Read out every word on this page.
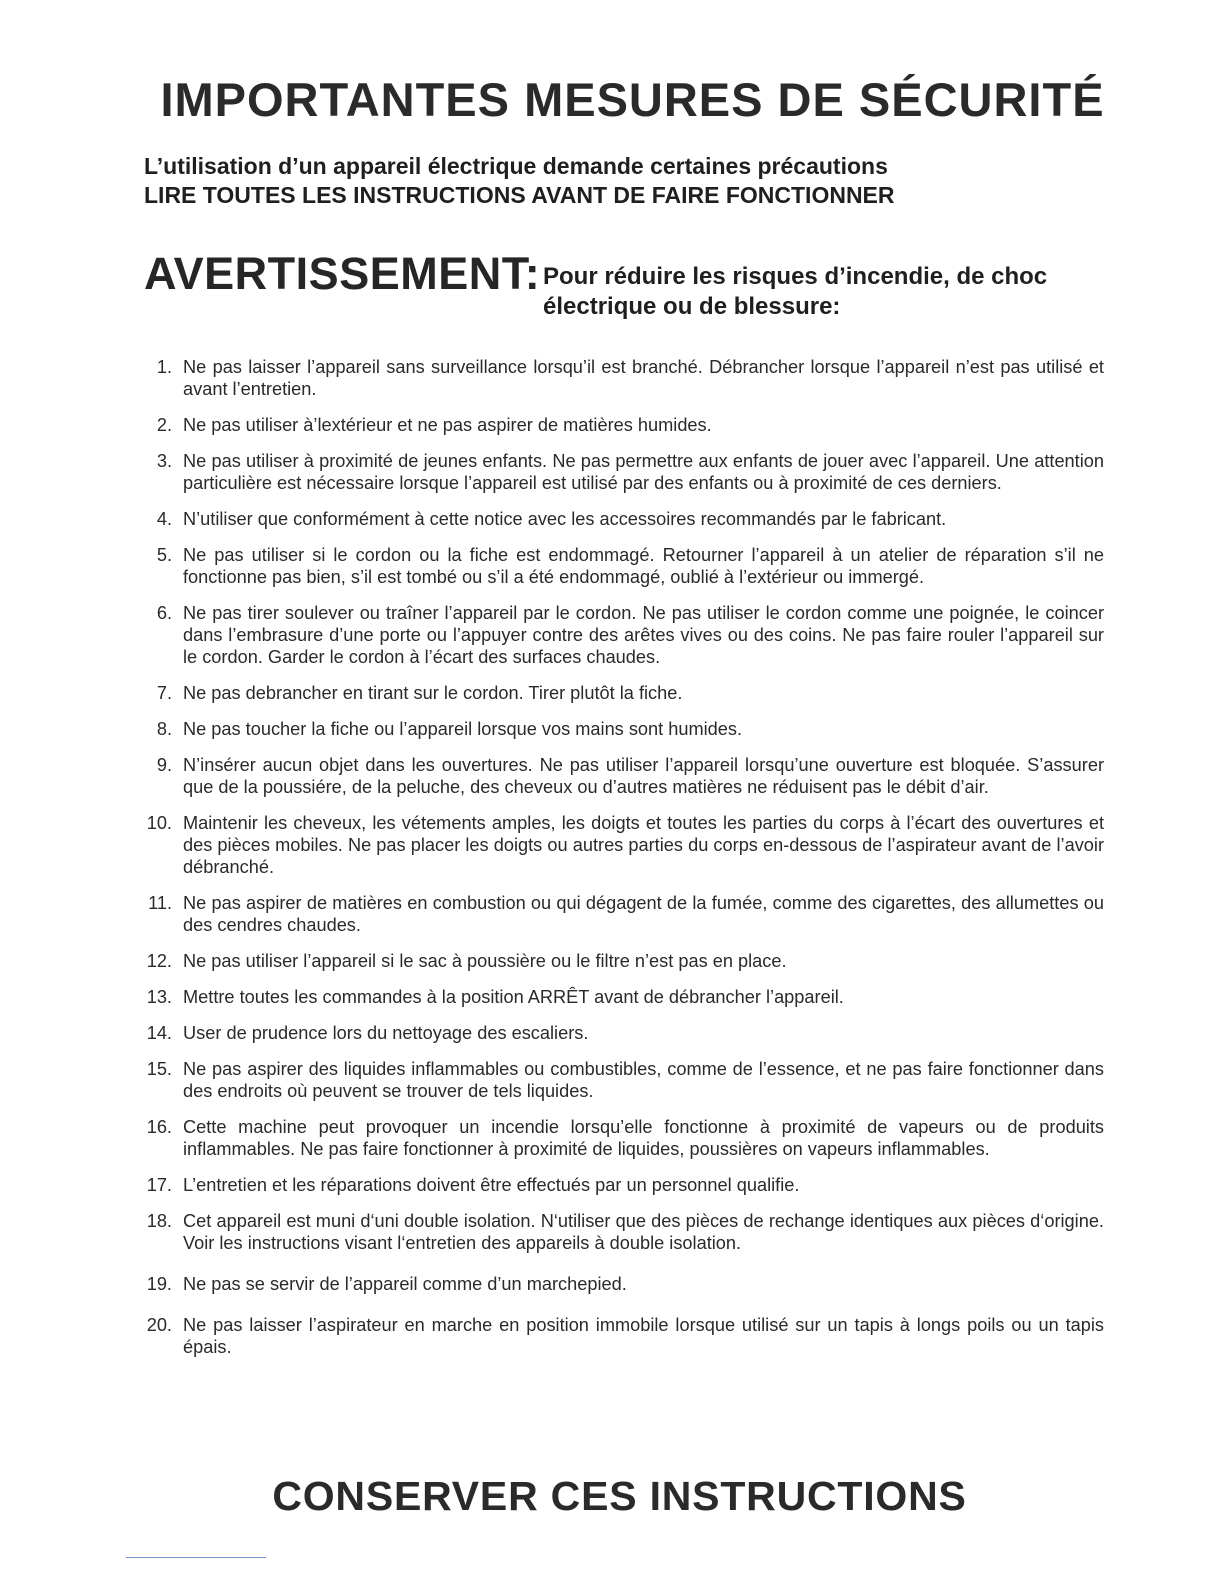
IMPORTANTES MESURES DE SÉCURITÉ
L’utilisation d’un appareil électrique demande certaines précautions
LIRE TOUTES LES INSTRUCTIONS AVANT DE FAIRE FONCTIONNER
AVERTISSEMENT: Pour réduire les risques d’incendie, de choc
électrique ou de blessure:
1. Ne pas laisser l’appareil sans surveillance lorsqu’il est branché. Débrancher lorsque l’appareil n’est pas utilisé et avant l’entretien.
2. Ne pas utiliser à’lextérieur et ne pas aspirer de matières humides.
3. Ne pas utiliser à proximité de jeunes enfants. Ne pas permettre aux enfants de jouer avec l’appareil. Une attention particulière est nécessaire lorsque l’appareil est utilisé par des enfants ou à proximité de ces derniers.
4. N’utiliser que conformément à cette notice avec les accessoires recommandés par le fabricant.
5. Ne pas utiliser si le cordon ou la fiche est endommagé. Retourner l’appareil à un atelier de réparation s’il ne fonctionne pas bien, s’il est tombé ou s’il a été endommagé, oublié à l’extérieur ou immergé.
6. Ne pas tirer soulever ou traîner l’appareil par le cordon. Ne pas utiliser le cordon comme une poignée, le coincer dans l’embrasure d’une porte ou l’appuyer contre des arêtes vives ou des coins. Ne pas faire rouler l’appareil sur le cordon. Garder le cordon à l’écart des surfaces chaudes.
7. Ne pas debrancher en tirant sur le cordon. Tirer plutôt la fiche.
8. Ne pas toucher la fiche ou l’appareil lorsque vos mains sont humides.
9. N’insérer aucun objet dans les ouvertures. Ne pas utiliser l’appareil lorsqu’une ouverture est bloquée. S’assurer que de la poussiére, de la peluche, des cheveux ou d’autres matières ne réduisent pas le débit d’air.
10. Maintenir les cheveux, les vétements amples, les doigts et toutes les parties du corps à l’écart des ouvertures et des pièces mobiles. Ne pas placer les doigts ou autres parties du corps en-dessous de l’aspirateur avant de l’avoir débranché.
11. Ne pas aspirer de matières en combustion ou qui dégagent de la fumée, comme des cigarettes, des allumettes ou des cendres chaudes.
12. Ne pas utiliser l’appareil si le sac à poussière ou le filtre n’est pas en place.
13. Mettre toutes les commandes à la position ARRÊT avant de débrancher l’appareil.
14. User de prudence lors du nettoyage des escaliers.
15. Ne pas aspirer des liquides inflammables ou combustibles, comme de l’essence, et ne pas faire fonctionner dans des endroits où peuvent se trouver de tels liquides.
16. Cette machine peut provoquer un incendie lorsqu’elle fonctionne à proximité de vapeurs ou de produits inflammables. Ne pas faire fonctionner à proximité de liquides, poussières on vapeurs inflammables.
17. L’entretien et les réparations doivent être effectués par un personnel qualifie.
18. Cet appareil est muni d‘uni double isolation. N‘utiliser que des pièces de rechange identiques aux pièces d‘origine. Voir les instructions visant l‘entretien des appareils à double isolation.
19. Ne pas se servir de l’appareil comme d’un marchepied.
20. Ne pas laisser l’aspirateur en marche en position immobile lorsque utilisé sur un tapis à longs poils ou un tapis épais.
CONSERVER CES INSTRUCTIONS
